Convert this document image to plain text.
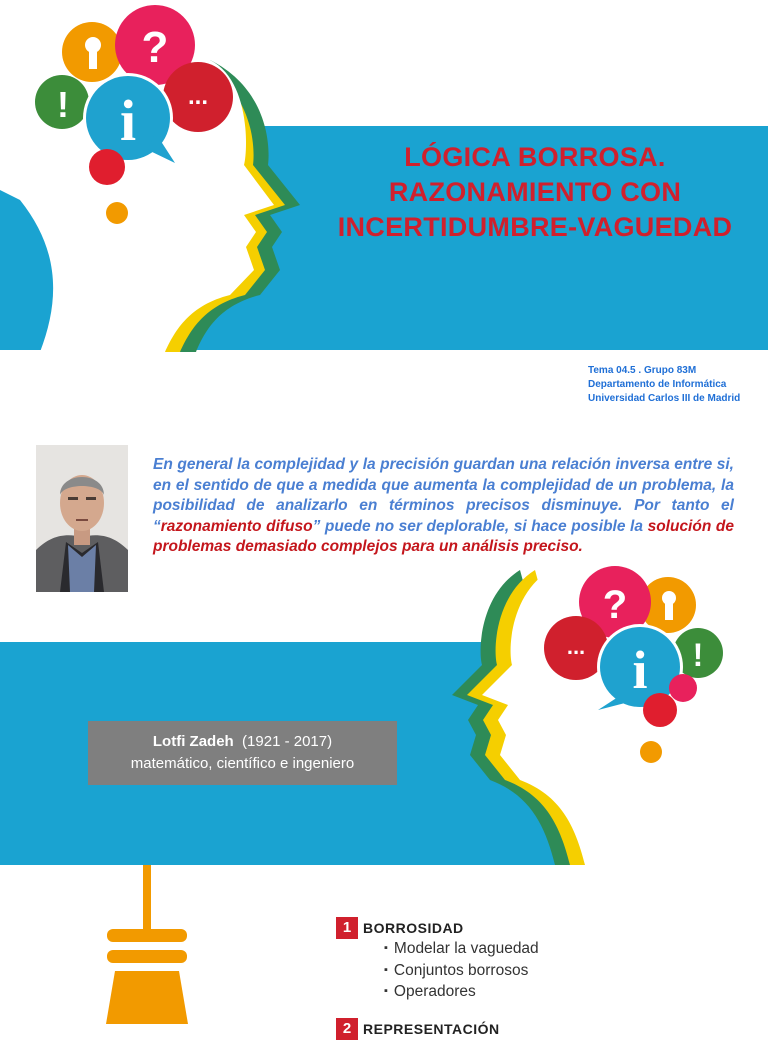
?
! i ...
LÓGICA BORROSA.
RAZONAMIENTO CON
INCERTIDUMBRE-VAGUEDAD
Tema 04.5 . Grupo 83M
Departamento de Informática
Universidad Carlos III de Madrid
En general la complejidad y la precisión guardan una relación inversa entre si, en el sentido de que a medida que aumenta la complejidad de un problema, la posibilidad de analizarlo en términos precisos disminuye. Por tanto el “razonamiento difuso” puede no ser deplorable, si hace posible la solución de problemas demasiado complejos para un análisis preciso.
?
!
i
...
Lotfi Zadeh (1921 - 2017)
matemático, científico e ingeniero
1 BORROSIDAD
▪ Modelar la vaguedad
▪ Conjuntos borrosos
▪ Operadores
2 REPRESENTACIÓN
